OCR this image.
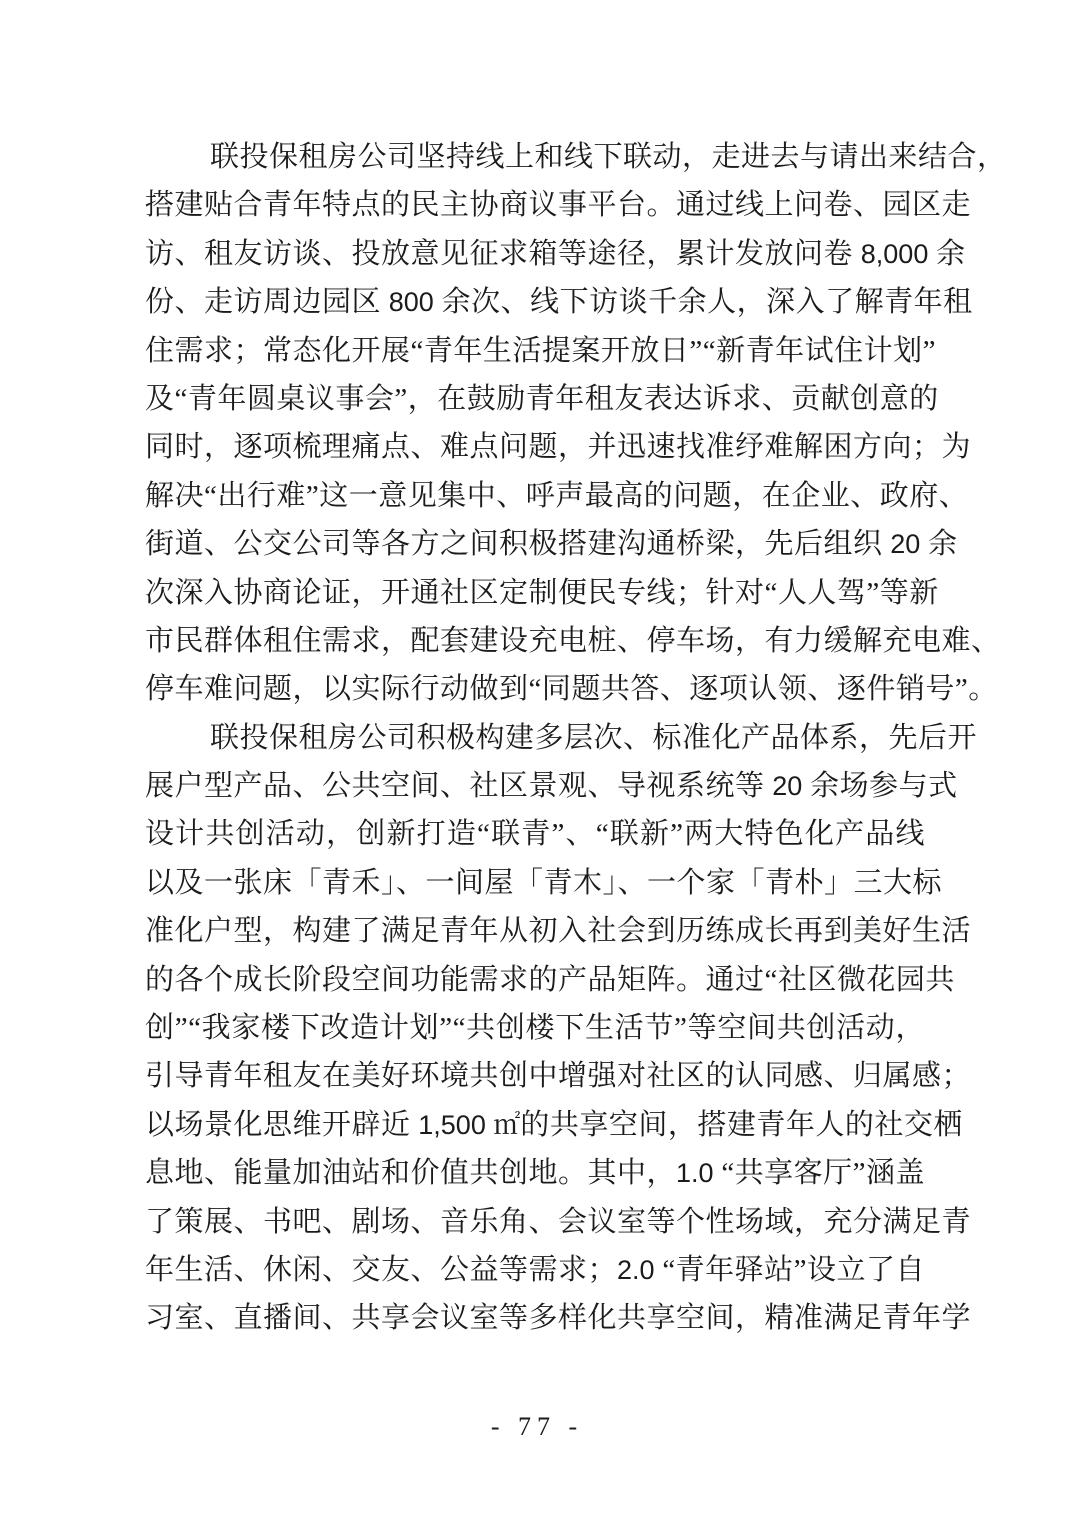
联投保租房公司坚持线上和线下联动，走进去与请出来结合，
搭建贴合青年特点的民主协商议事平台。通过线上问卷、园区走
访、租友访谈、投放意见征求箱等途径，累计发放问卷 8,000 余
份、走访周边园区 800 余次、线下访谈千余人，深入了解青年租
住需求；常态化开展“青年生活提案开放日”“新青年试住计划”
及“青年圆桌议事会”，在鼓励青年租友表达诉求、贡献创意的
同时，逐项梳理痛点、难点问题，并迅速找准纾难解困方向；为
解决“出行难”这一意见集中、呼声最高的问题，在企业、政府、
街道、公交公司等各方之间积极搭建沟通桥梁，先后组织 20 余
次深入协商论证，开通社区定制便民专线；针对“人人驾”等新
市民群体租住需求，配套建设充电桩、停车场，有力缓解充电难、
停车难问题，以实际行动做到“同题共答、逐项认领、逐件销号”。
联投保租房公司积极构建多层次、标准化产品体系，先后开
展户型产品、公共空间、社区景观、导视系统等 20 余场参与式
设计共创活动，创新打造“联青”、“联新”两大特色化产品线
以及一张床「青禾」、一间屋「青木」、一个家「青朴」三大标
准化户型，构建了满足青年从初入社会到历练成长再到美好生活
的各个成长阶段空间功能需求的产品矩阵。通过“社区微花园共
创”“我家楼下改造计划”“共创楼下生活节”等空间共创活动，
引导青年租友在美好环境共创中增强对社区的认同感、归属感；
以场景化思维开辟近 1,500 ㎡的共享空间，搭建青年人的社交栖
息地、能量加油站和价值共创地。其中，1.0 “共享客厅”涵盖
了策展、书吧、剧场、音乐角、会议室等个性场域，充分满足青
年生活、休闲、交友、公益等需求；2.0 “青年驿站”设立了自
习室、直播间、共享会议室等多样化共享空间，精准满足青年学
- 77 -
